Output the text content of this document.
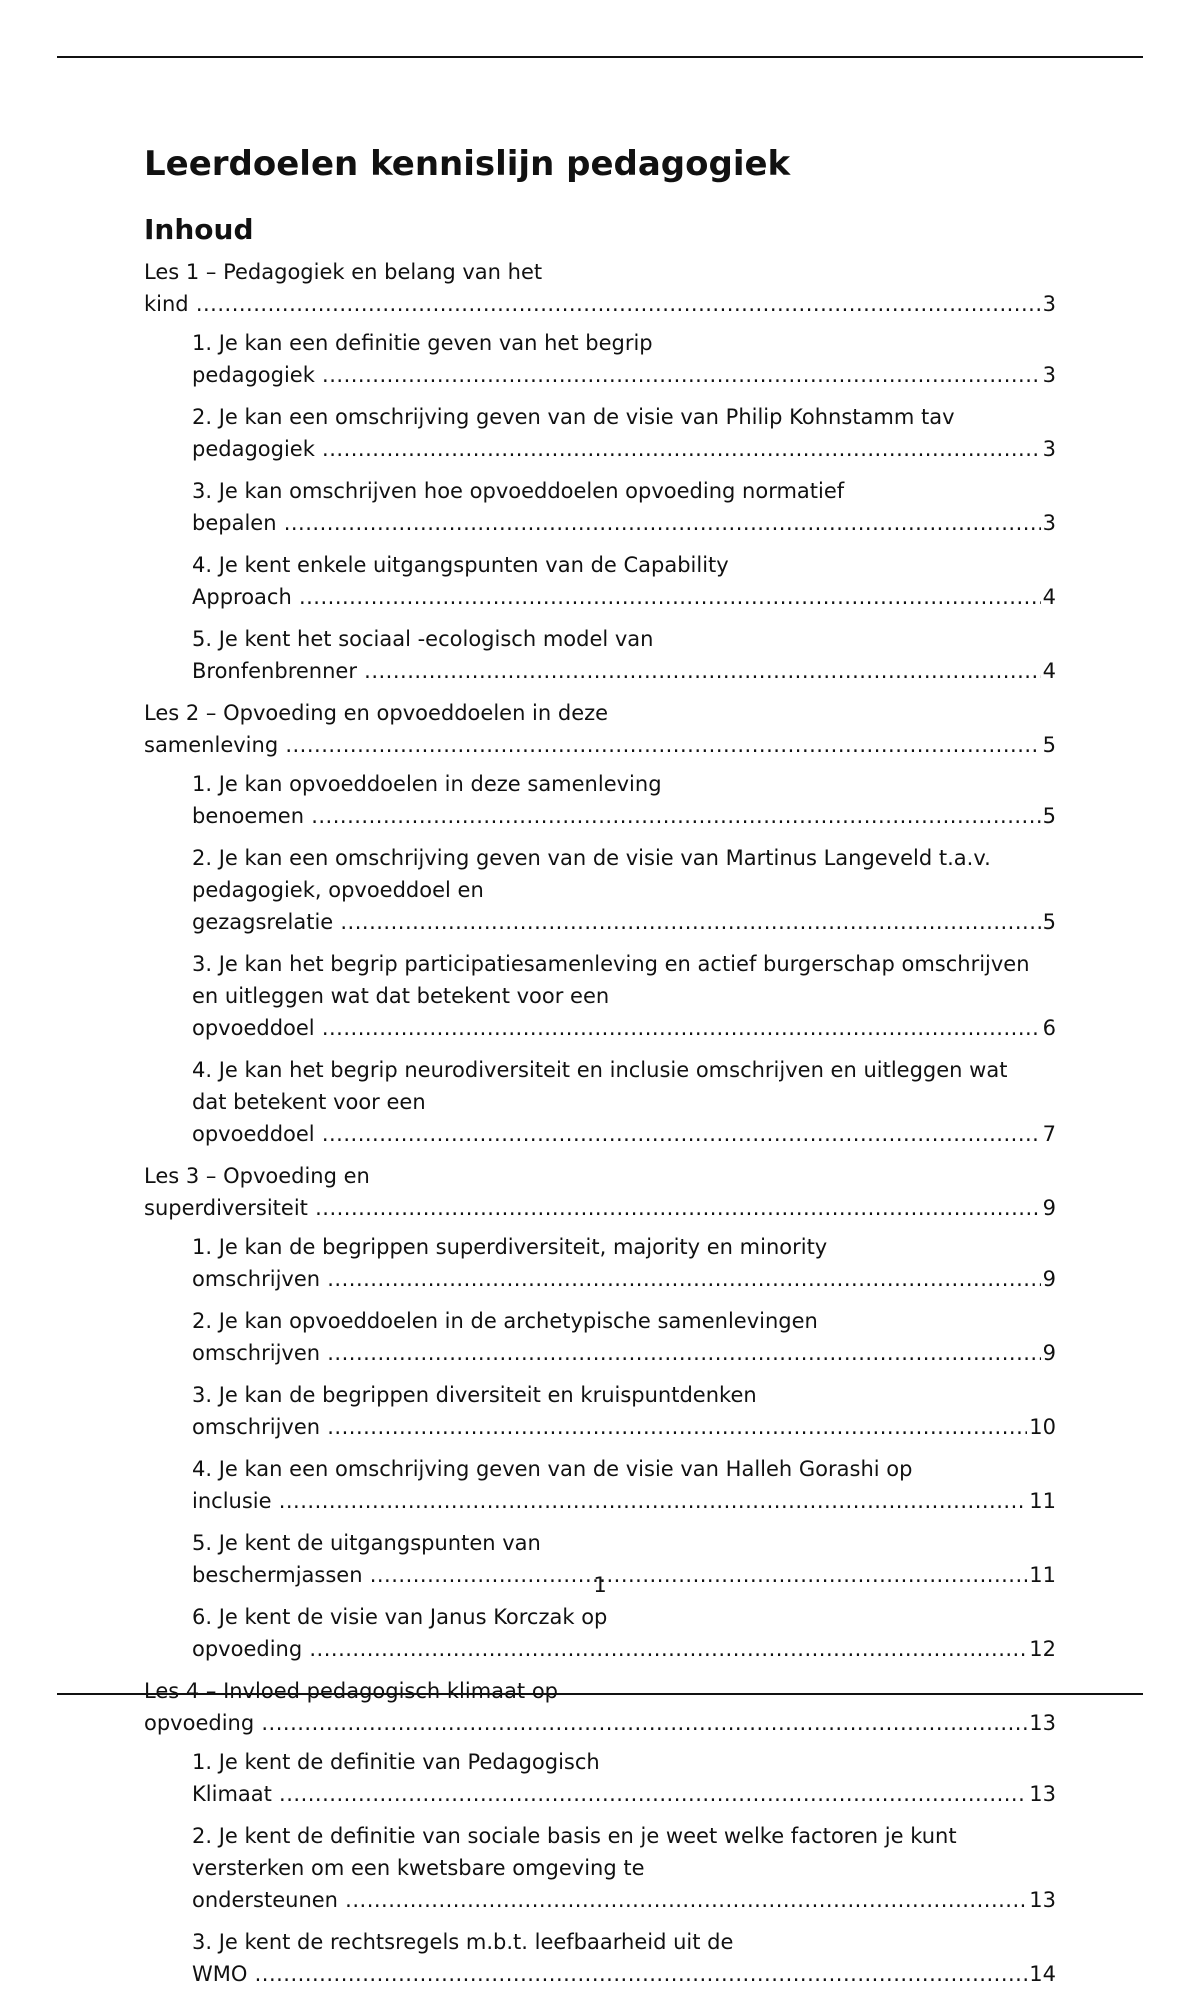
Leerdoelen kennislijn pedagogiek
Inhoud
Les 1 – Pedagogiek en belang van het kind .....	3
1. Je kan een definitie geven van het begrip pedagogiek .....	3
2. Je kan een omschrijving geven van de visie van Philip Kohnstamm tav pedagogiek .....	3
3. Je kan omschrijven hoe opvoeddoelen opvoeding normatief bepalen .....	3
4. Je kent enkele uitgangspunten van de Capability Approach .....	4
5. Je kent het sociaal -ecologisch model van Bronfenbrenner .....	4
Les 2 – Opvoeding en opvoeddoelen in deze samenleving .....	5
1. Je kan opvoeddoelen in deze samenleving benoemen .....	5
2. Je kan een omschrijving geven van de visie van Martinus Langeveld t.a.v. pedagogiek, opvoeddoel en gezagsrelatie .....	5
3. Je kan het begrip participatiesamenleving en actief burgerschap omschrijven en uitleggen wat dat betekent voor een opvoeddoel .....	6
4. Je kan het begrip neurodiversiteit en inclusie omschrijven en uitleggen wat dat betekent voor een opvoeddoel .....	7
Les 3 – Opvoeding en superdiversiteit .....	9
1. Je kan de begrippen superdiversiteit, majority en minority omschrijven .....	9
2. Je kan opvoeddoelen in de archetypische samenlevingen omschrijven .....	9
3. Je kan de begrippen diversiteit en kruispuntdenken omschrijven .....	10
4. Je kan een omschrijving geven van de visie van Halleh Gorashi op inclusie .....	11
5. Je kent de uitgangspunten van beschermjassen .....	11
6. Je kent de visie van Janus Korczak op opvoeding .....	12
Les 4 – Invloed pedagogisch klimaat op opvoeding .....	13
1. Je kent de definitie van Pedagogisch Klimaat .....	13
2. Je kent de definitie van sociale basis en je weet welke factoren je kunt versterken om een kwetsbare omgeving te ondersteunen .....	13
3. Je kent de rechtsregels m.b.t. leefbaarheid uit de WMO .....	14
1
